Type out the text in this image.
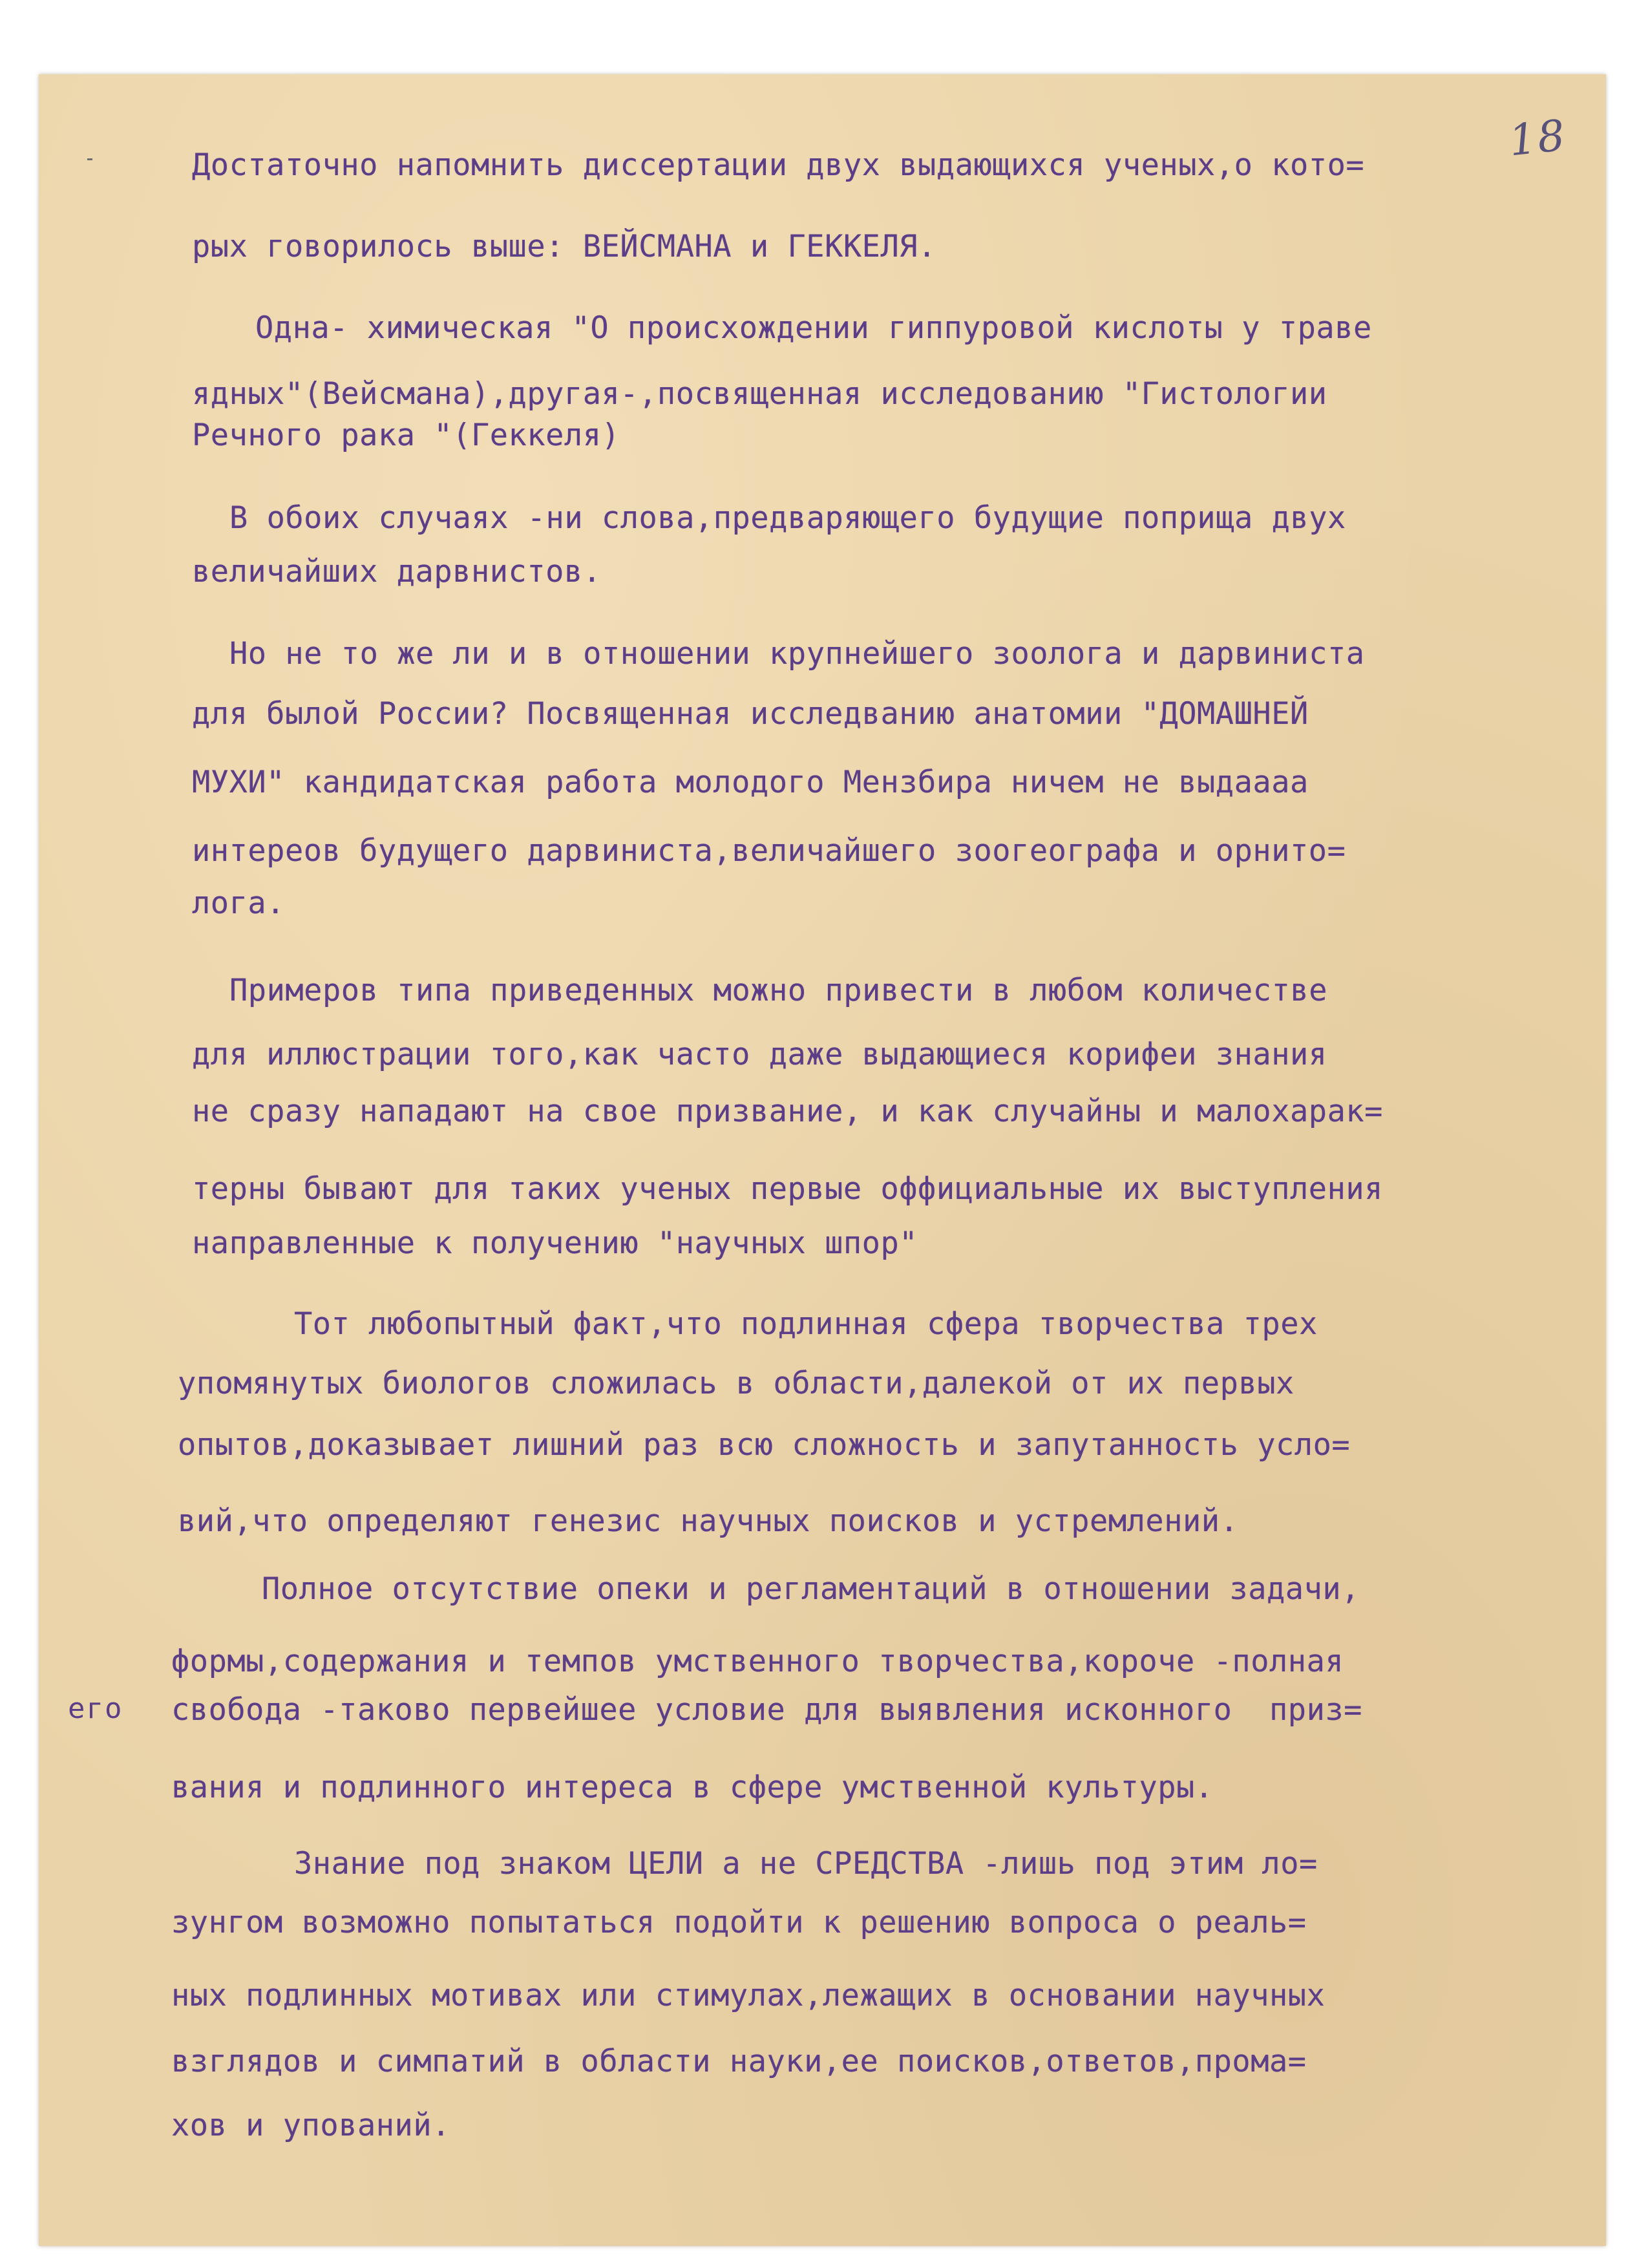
18
Достаточно напомнить диссертации двух выдающихся ученых,о кото=
рых говорилось выше: ВЕЙСМАНА и ГЕККЕЛЯ.
Одна- химическая "О происхождении гиппуровой кислоты у траве
ядных"(Вейсмана),другая-,посвященная исследованию "Гистологии
Речного рака "(Геккеля)
В обоих случаях -ни слова,предваряющего будущие поприща двух
величайших дарвнистов.
Но не то же ли и в отношении крупнейшего зоолога и дарвиниста
для былой России? Посвященная исследванию анатомии "ДОМАШНЕЙ
МУХИ" кандидатская работа молодого Мензбира ничем не выдаааа
интереов будущего дарвиниста,величайшего зоогеографа и орнито=
лога.
Примеров типа приведенных можно привести в любом количестве
для иллюстрации того,как часто даже выдающиеся корифеи знания
не сразу нападают на свое призвание, и как случайны и малохарак=
терны бывают для таких ученых первые оффициальные их выступления
направленные к получению "научных шпор"
Тот любопытный факт,что подлинная сфера творчества трех
упомянутых биологов сложилась в области,далекой от их первых
опытов,доказывает лишний раз всю сложность и запутанность усло=
вий,что определяют генезис научных поисков и устремлений.
Полное отсутствие опеки и регламентаций в отношении задачи,
формы,содержания и темпов умственного творчества,короче -полная
свобода -таково первейшее условие для выявления исконного  приз=
вания и подлинного интереса в сфере умственной культуры.
Знание под знаком ЦЕЛИ а не СРЕДСТВА -лишь под этим ло=
зунгом возможно попытаться подойти к решению вопроса о реаль=
ных подлинных мотивах или стимулах,лежащих в основании научных
взглядов и симпатий в области науки,ее поисков,ответов,прома=
хов и упований.
его
